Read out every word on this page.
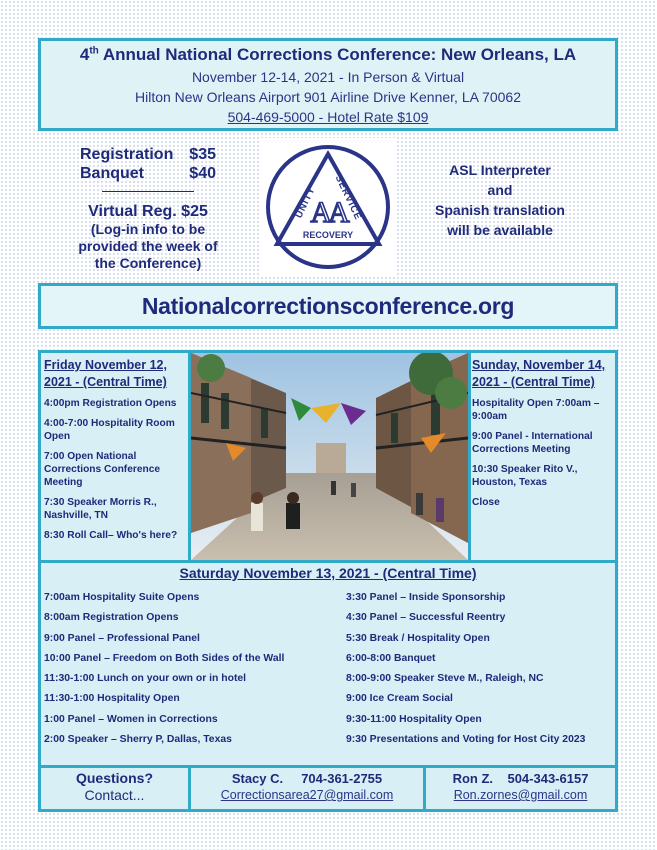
4th Annual National Corrections Conference: New Orleans, LA
November 12-14, 2021 - In Person & Virtual
Hilton New Orleans Airport 901 Airline Drive Kenner, LA 70062
504-469-5000 - Hotel Rate $109
Registration $35
Banquet	$40
Virtual Reg. $25
(Log-in info to be provided the week of the Conference)
UNITY
SERVICE
RECOVERY
AA
ASL Interpreter
and
Spanish translation
will be available
Nationalcorrectionsconference.org
Friday November 12, 2021 - (Central Time)
4:00pm Registration Opens
4:00-7:00 Hospitality Room Open
7:00 Open National Corrections Conference Meeting
7:30 Speaker Morris R., Nashville, TN
8:30 Roll Call– Who's here?
Sunday, November 14, 2021 - (Central Time)
Hospitality Open 7:00am – 9:00am
9:00 Panel - International Corrections Meeting
10:30 Speaker Rito V., Houston, Texas
Close
Saturday November 13, 2021 - (Central Time)
7:00am Hospitality Suite Opens
8:00am Registration Opens
9:00 Panel – Professional Panel
10:00 Panel – Freedom on Both Sides of the Wall
11:30-1:00 Lunch on your own or in hotel
11:30-1:00 Hospitality Open
1:00 Panel – Women in Corrections
2:00 Speaker – Sherry P, Dallas, Texas
3:30 Panel – Inside Sponsorship
4:30 Panel – Successful Reentry
5:30 Break / Hospitality Open
6:00-8:00 Banquet
8:00-9:00 Speaker Steve M., Raleigh, NC
9:00 Ice Cream Social
9:30-11:00 Hospitality Open
9:30 Presentations and Voting for Host City 2023
Questions?
Contact...
Stacy C.     704-361-2755
Correctionsarea27@gmail.com
Ron Z.    504-343-6157
Ron.zornes@gmail.com
